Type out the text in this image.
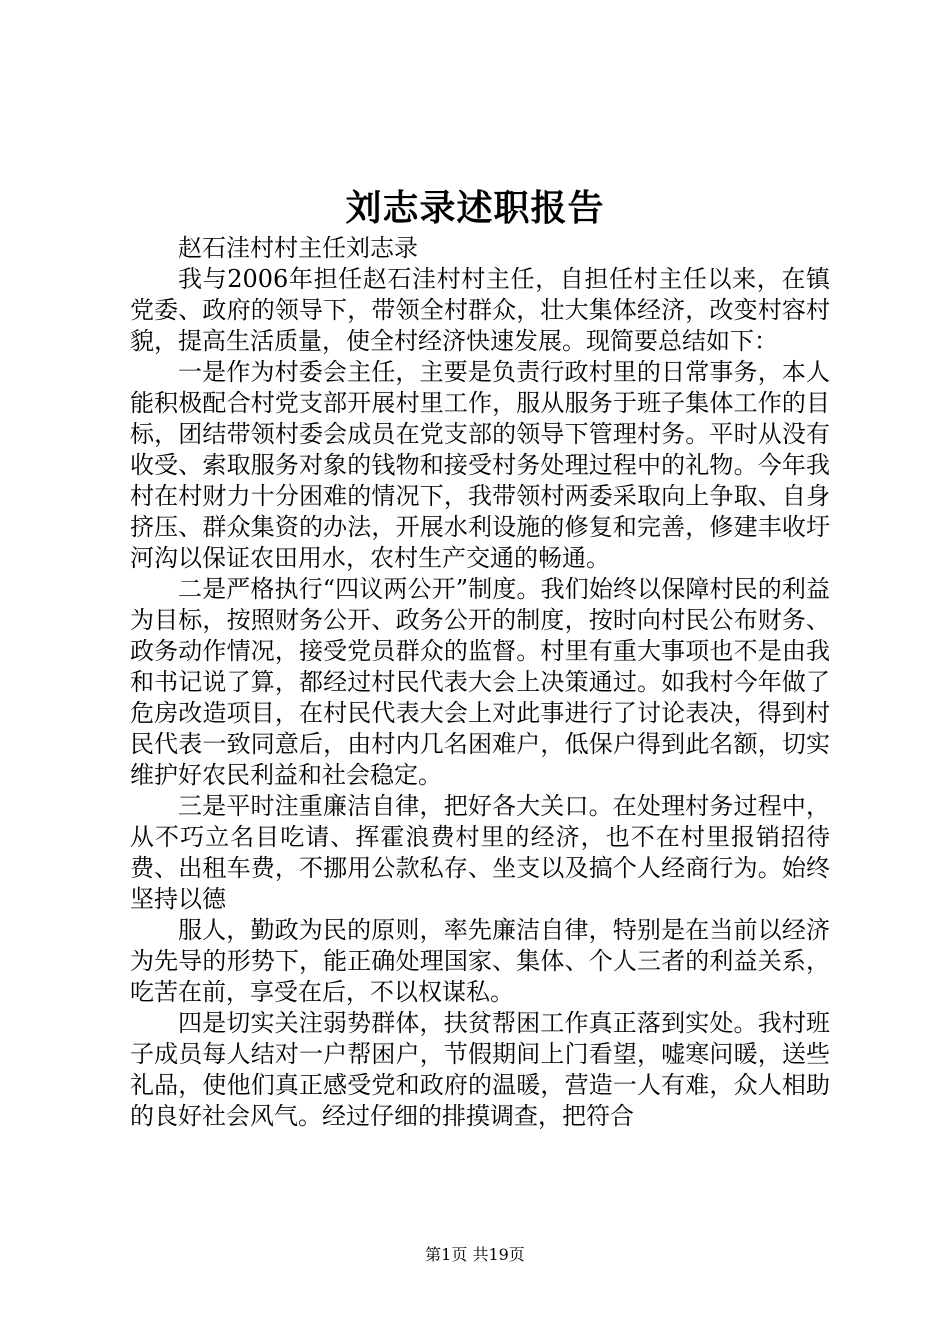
刘志录述职报告

赵石洼村村主任刘志录

我与2006年担任赵石洼村村主任，自担任村主任以来，在镇党委、政府的领导下，带领全村群众，壮大集体经济，改变村容村貌，提高生活质量，使全村经济快速发展。现简要总结如下：

一是作为村委会主任，主要是负责行政村里的日常事务，本人能积极配合村党支部开展村里工作，服从服务于班子集体工作的目标，团结带领村委会成员在党支部的领导下管理村务。平时从没有收受、索取服务对象的钱物和接受村务处理过程中的礼物。今年我村在村财力十分困难的情况下，我带领村两委采取向上争取、自身挤压、群众集资的办法，开展水利设施的修复和完善，修建丰收圩河沟以保证农田用水，农村生产交通的畅通。

二是严格执行“四议两公开”制度。我们始终以保障村民的利益为目标，按照财务公开、政务公开的制度，按时向村民公布财务、政务动作情况，接受党员群众的监督。村里有重大事项也不是由我和书记说了算，都经过村民代表大会上决策通过。如我村今年做了危房改造项目，在村民代表大会上对此事进行了讨论表决，得到村民代表一致同意后，由村内几名困难户，低保户得到此名额，切实维护好农民利益和社会稳定。

三是平时注重廉洁自律，把好各大关口。在处理村务过程中，从不巧立名目吃请、挥霍浪费村里的经济，也不在村里报销招待费、出租车费，不挪用公款私存、坐支以及搞个人经商行为。始终坚持以德

服人，勤政为民的原则，率先廉洁自律，特别是在当前以经济为先导的形势下，能正确处理国家、集体、个人三者的利益关系，吃苦在前，享受在后，不以权谋私。

四是切实关注弱势群体，扶贫帮困工作真正落到实处。我村班子成员每人结对一户帮困户，节假期间上门看望，嘘寒问暖，送些礼品，使他们真正感受党和政府的温暖，营造一人有难，众人相助的良好社会风气。经过仔细的排摸调查，把符合

第1页 共19页
